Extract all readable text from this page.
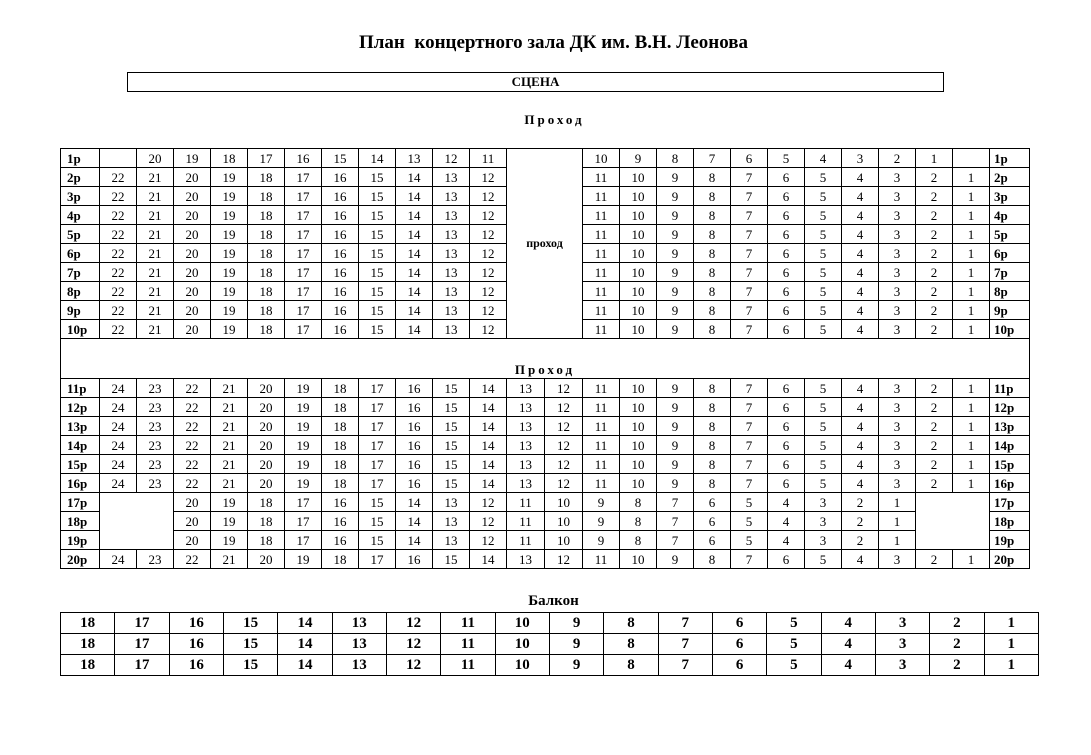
План  концертного зала ДК им. В.Н. Леонова
СЦЕНА
Проход
1р		20	19	18	17	16	15	14	13	12	11	проход		10	9	8	7	6	5	4	3	2	1		1р
2р	22	21	20	19	18	17	16	15	14	13	12			11	10	9	8	7	6	5	4	3	2	1	2р
3р	22	21	20	19	18	17	16	15	14	13	12			11	10	9	8	7	6	5	4	3	2	1	3р
4р	22	21	20	19	18	17	16	15	14	13	12			11	10	9	8	7	6	5	4	3	2	1	4р
5р	22	21	20	19	18	17	16	15	14	13	12			11	10	9	8	7	6	5	4	3	2	1	5р
6р	22	21	20	19	18	17	16	15	14	13	12			11	10	9	8	7	6	5	4	3	2	1	6р
7р	22	21	20	19	18	17	16	15	14	13	12			11	10	9	8	7	6	5	4	3	2	1	7р
8р	22	21	20	19	18	17	16	15	14	13	12			11	10	9	8	7	6	5	4	3	2	1	8р
9р	22	21	20	19	18	17	16	15	14	13	12			11	10	9	8	7	6	5	4	3	2	1	9р
10р	22	21	20	19	18	17	16	15	14	13	12			11	10	9	8	7	6	5	4	3	2	1	10р
Проход																									
11р	24	23	22	21	20	19	18	17	16	15	14	13	12	11	10	9	8	7	6	5	4	3	2	1	11р
12р	24	23	22	21	20	19	18	17	16	15	14	13	12	11	10	9	8	7	6	5	4	3	2	1	12р
13р	24	23	22	21	20	19	18	17	16	15	14	13	12	11	10	9	8	7	6	5	4	3	2	1	13р
14р	24	23	22	21	20	19	18	17	16	15	14	13	12	11	10	9	8	7	6	5	4	3	2	1	14р
15р	24	23	22	21	20	19	18	17	16	15	14	13	12	11	10	9	8	7	6	5	4	3	2	1	15р
16р	24	23	22	21	20	19	18	17	16	15	14	13	12	11	10	9	8	7	6	5	4	3	2	1	16р
17р			20	19	18	17	16	15	14	13	12	11	10	9	8	7	6	5	4	3	2	1			17р
18р			20	19	18	17	16	15	14	13	12	11	10	9	8	7	6	5	4	3	2	1			18р
19р			20	19	18	17	16	15	14	13	12	11	10	9	8	7	6	5	4	3	2	1			19р
20р	24	23	22	21	20	19	18	17	16	15	14	13	12	11	10	9	8	7	6	5	4	3	2	1	20р
Балкон
18	17	16	15	14	13	12	11	10	9	8	7	6	5	4	3	2	1
18	17	16	15	14	13	12	11	10	9	8	7	6	5	4	3	2	1
18	17	16	15	14	13	12	11	10	9	8	7	6	5	4	3	2	1
